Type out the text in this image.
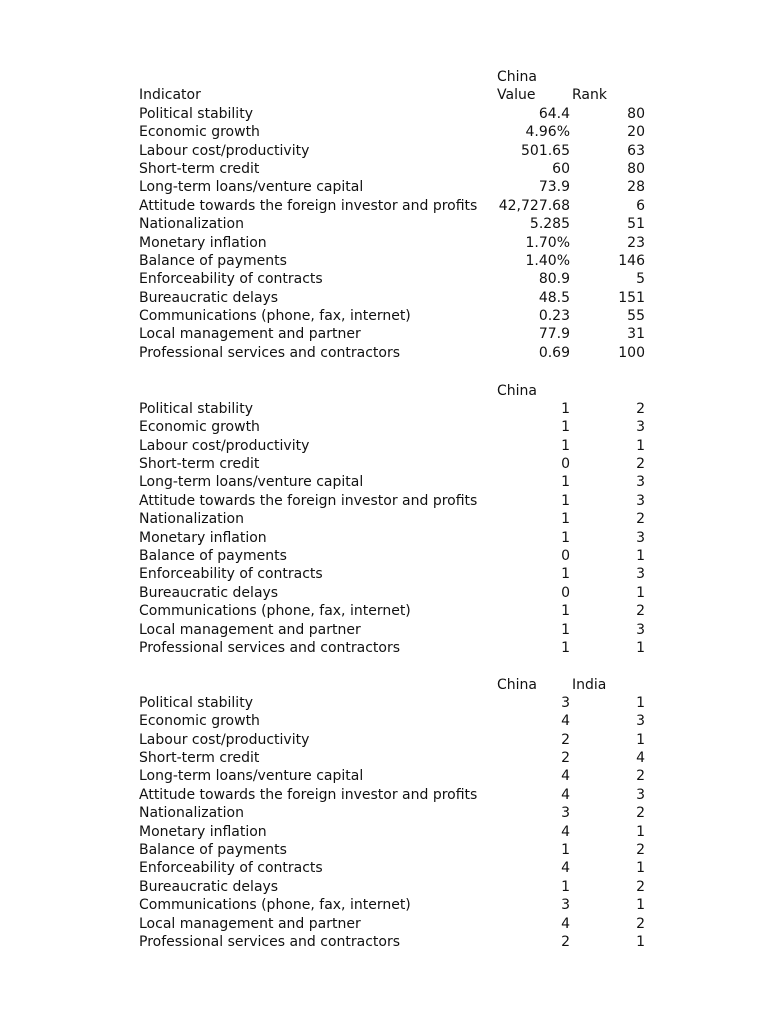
China
Indicator	Value	Rank
Political stability	64.4	80
Economic growth	4.96%	20
Labour cost/productivity	501.65	63
Short-term credit	60	80
Long-term loans/venture capital	73.9	28
Attitude towards the foreign investor and profits 42,727.68	6
Nationalization	5.285	51
Monetary inflation	1.70%	23
Balance of payments	1.40%	146
Enforceability of contracts	80.9	5
Bureaucratic delays	48.5	151
Communications (phone, fax, internet)	0.23	55
Local management and partner	77.9	31
Professional services and contractors	0.69	100
China
Political stability	1	2
Economic growth	1	3
Labour cost/productivity	1	1
Short-term credit	0	2
Long-term loans/venture capital	1	3
Attitude towards the foreign investor and profits	1	3
Nationalization	1	2
Monetary inflation	1	3
Balance of payments	0	1
Enforceability of contracts	1	3
Bureaucratic delays	0	1
Communications (phone, fax, internet)	1	2
Local management and partner	1	3
Professional services and contractors	1	1
China	India
Political stability	3	1
Economic growth	4	3
Labour cost/productivity	2	1
Short-term credit	2	4
Long-term loans/venture capital	4	2
Attitude towards the foreign investor and profits	4	3
Nationalization	3	2
Monetary inflation	4	1
Balance of payments	1	2
Enforceability of contracts	4	1
Bureaucratic delays	1	2
Communications (phone, fax, internet)	3	1
Local management and partner	4	2
Professional services and contractors	2	1
